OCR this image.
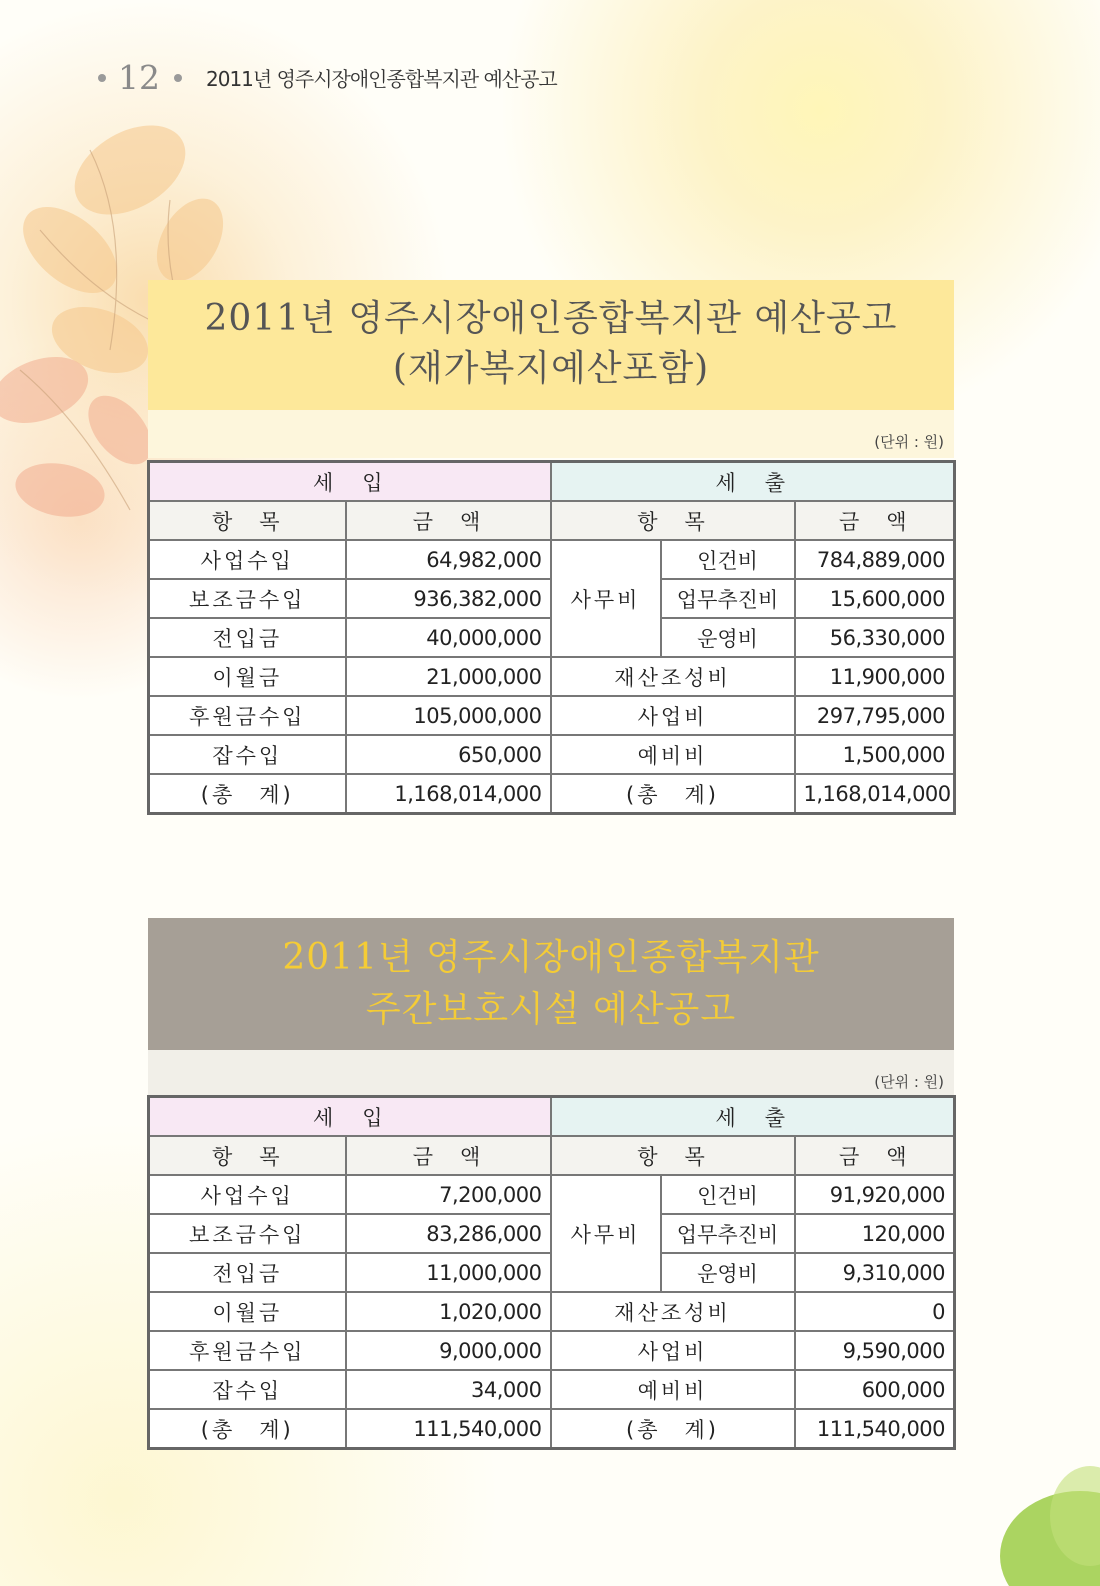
12 2011년 영주시장애인종합복지관 예산공고
2011년 영주시장애인종합복지관 예산공고
(재가복지예산포함)
(단위 : 원)
세　입		세　출		
항　목	금　액	항　목		금　액
사업수입	64,982,000	사무비	인건비	784,889,000
보조금수입	936,382,000		업무추진비	15,600,000
전입금	40,000,000		운영비	56,330,000
이월금	21,000,000	재산조성비		11,900,000
후원금수입	105,000,000	사업비		297,795,000
잡수입	650,000	예비비		1,500,000
(총　계)	1,168,014,000	(총　계)		1,168,014,000
2011년 영주시장애인종합복지관
주간보호시설 예산공고
(단위 : 원)
세　입		세　출		
항　목	금　액	항　목		금　액
사업수입	7,200,000	사무비	인건비	91,920,000
보조금수입	83,286,000		업무추진비	120,000
전입금	11,000,000		운영비	9,310,000
이월금	1,020,000	재산조성비		0
후원금수입	9,000,000	사업비		9,590,000
잡수입	34,000	예비비		600,000
(총　계)	111,540,000	(총　계)		111,540,000
